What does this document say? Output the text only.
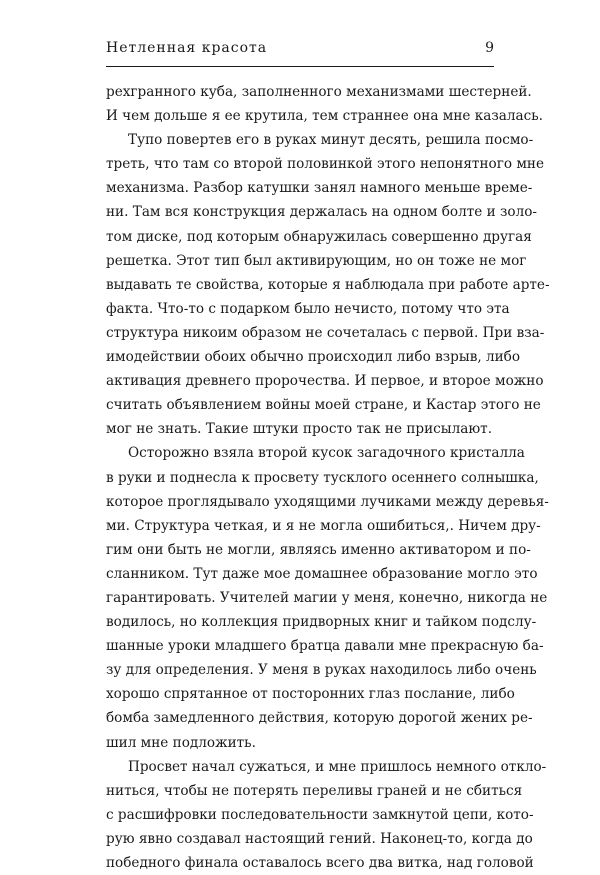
Нетленная красота	9
рехгранного куба, заполненного механизмами шестерней.
И чем дольше я ее крутила, тем страннее она мне казалась.
Тупо повертев его в руках минут десять, решила посмо-
треть, что там со второй половинкой этого непонятного мне
механизма. Разбор катушки занял намного меньше време-
ни. Там вся конструкция держалась на одном болте и золо-
том диске, под которым обнаружилась совершенно другая
решетка. Этот тип был активирующим, но он тоже не мог
выдавать те свойства, которые я наблюдала при работе арте-
факта. Что-то с подарком было нечисто, потому что эта
структура никоим образом не сочеталась с первой. При вза-
имодействии обоих обычно происходил либо взрыв, либо
активация древнего пророчества. И первое, и второе можно
считать объявлением войны моей стране, и Кастар этого не
мог не знать. Такие штуки просто так не присылают.
Осторожно взяла второй кусок загадочного кристалла
в руки и поднесла к просвету тусклого осеннего солнышка,
которое проглядывало уходящими лучиками между деревья-
ми. Структура четкая, и я не могла ошибиться,. Ничем дру-
гим они быть не могли, являясь именно активатором и по-
сланником. Тут даже мое домашнее образование могло это
гарантировать. Учителей магии у меня, конечно, никогда не
водилось, но коллекция придворных книг и тайком подслу-
шанные уроки младшего братца давали мне прекрасную ба-
зу для определения. У меня в руках находилось либо очень
хорошо спрятанное от посторонних глаз послание, либо
бомба замедленного действия, которую дорогой жених ре-
шил мне подложить.
Просвет начал сужаться, и мне пришлось немного откло-
ниться, чтобы не потерять переливы граней и не сбиться
с расшифровки последовательности замкнутой цепи, кото-
рую явно создавал настоящий гений. Наконец-то, когда до
победного финала оставалось всего два витка, над головой
